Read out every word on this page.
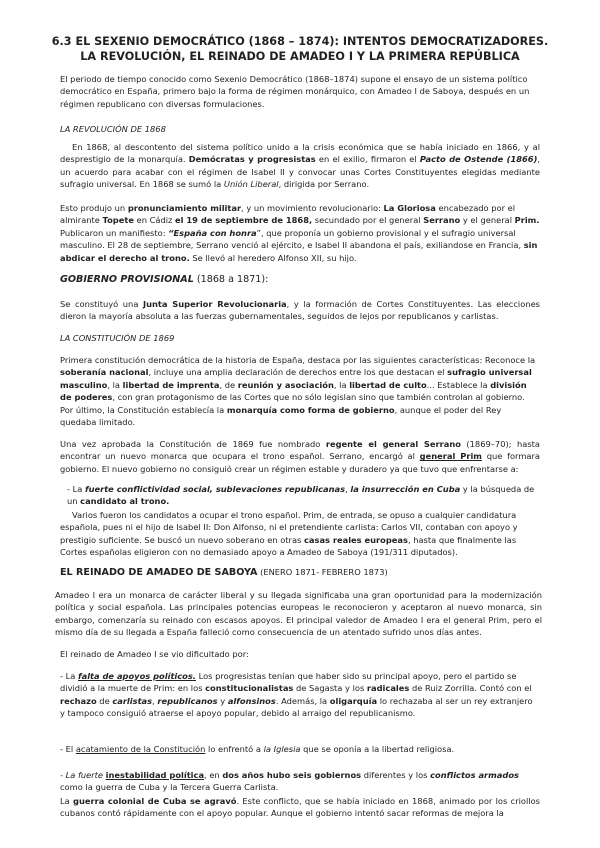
6.3 EL SEXENIO DEMOCRÁTICO (1868 – 1874): INTENTOS DEMOCRATIZADORES.
LA REVOLUCIÓN, EL REINADO DE AMADEO I Y LA PRIMERA REPÚBLICA

El periodo de tiempo conocido como Sexenio Democrático (1868–1874) supone el ensayo de un sistema político democrático en España, primero bajo la forma de régimen monárquico, con Amadeo I de Saboya, después en un régimen republicano con diversas formulaciones.

LA REVOLUCIÓN DE 1868

En 1868, al descontento del sistema político unido a la crisis económica que se había iniciado en 1866, y al desprestigio de la monarquía. Demócratas y progresistas en el exilio, firmaron el Pacto de Ostende (1866), un acuerdo para acabar con el régimen de Isabel II y convocar unas Cortes Constituyentes elegidas mediante sufragio universal. En 1868 se sumó la Unión Liberal, dirigida por Serrano.

Esto produjo un pronunciamiento militar, y un movimiento revolucionario: La Gloriosa encabezado por el almirante Topete en Cádiz el 19 de septiembre de 1868, secundado por el general Serrano y el general Prim. Publicaron un manifiesto: “España con honra”, que proponía un gobierno provisional y el sufragio universal masculino. El 28 de septiembre, Serrano venció al ejército, e Isabel II abandona el país, exiliandose en Francia, sin abdicar el derecho al trono. Se llevó al heredero Alfonso XII, su hijo.

GOBIERNO PROVISIONAL (1868 a 1871):

Se constituyó una Junta Superior Revolucionaria, y la formación de Cortes Constituyentes. Las elecciones dieron la mayoría absoluta a las fuerzas gubernamentales, seguidos de lejos por republicanos y carlistas.

LA CONSTITUCIÓN DE 1869

Primera constitución democrática de la historia de España, destaca por las siguientes características: Reconoce la soberanía nacional, incluye una amplia declaración de derechos entre los que destacan el sufragio universal masculino, la libertad de imprenta, de reunión y asociación, la libertad de culto... Establece la división de poderes, con gran protagonismo de las Cortes que no sólo legislan sino que también controlan al gobierno. Por último, la Constitución establecía la monarquía como forma de gobierno, aunque el poder del Rey quedaba limitado.

Una vez aprobada la Constitución de 1869 fue nombrado regente el general Serrano (1869–70); hasta encontrar un nuevo monarca que ocupara el trono español. Serrano, encargó al general Prim que formara gobierno. El nuevo gobierno no consiguió crear un régimen estable y duradero ya que tuvo que enfrentarse a:

- La fuerte conflictividad social, sublevaciones republicanas, la insurrección en Cuba y la búsqueda de un candidato al trono.

Varios fueron los candidatos a ocupar el trono español. Prim, de entrada, se opuso a cualquier candidatura española, pues ni el hijo de Isabel II: Don Alfonso, ni el pretendiente carlista: Carlos VII, contaban con apoyo y prestigio suficiente. Se buscó un nuevo soberano en otras casas reales europeas, hasta que finalmente las Cortes españolas eligieron con no demasiado apoyo a Amadeo de Saboya (191/311 diputados).

EL REINADO DE AMADEO DE SABOYA (ENERO 1871- FEBRERO 1873)

Amadeo I era un monarca de carácter liberal y su llegada significaba una gran oportunidad para la modernización política y social española. Las principales potencias europeas le reconocieron y aceptaron al nuevo monarca, sin embargo, comenzaría su reinado con escasos apoyos. El principal valedor de Amadeo I era el general Prim, pero el mismo día de su llegada a España falleció como consecuencia de un atentado sufrido unos días antes.

El reinado de Amadeo I se vio dificultado por:

- La falta de apoyos políticos. Los progresistas tenían que haber sido su principal apoyo, pero el partido se dividió a la muerte de Prim: en los constitucionalistas de Sagasta y los radicales de Ruiz Zorrilla. Contó con el rechazo de carlistas, republicanos y alfonsinos. Además, la oligarquía lo rechazaba al ser un rey extranjero y tampoco consiguió atraerse el apoyo popular, debido al arraigo del republicanismo.

- El acatamiento de la Constitución lo enfrentó a la Iglesia que se oponía a la libertad religiosa.

- La fuerte inestabilidad política, en dos años hubo seis gobiernos diferentes y los conflictos armados como la guerra de Cuba y la Tercera Guerra Carlista.

La guerra colonial de Cuba se agravó. Este conflicto, que se había iniciado en 1868, animado por los criollos cubanos contó rápidamente con el apoyo popular. Aunque el gobierno intentó sacar reformas de mejora la
